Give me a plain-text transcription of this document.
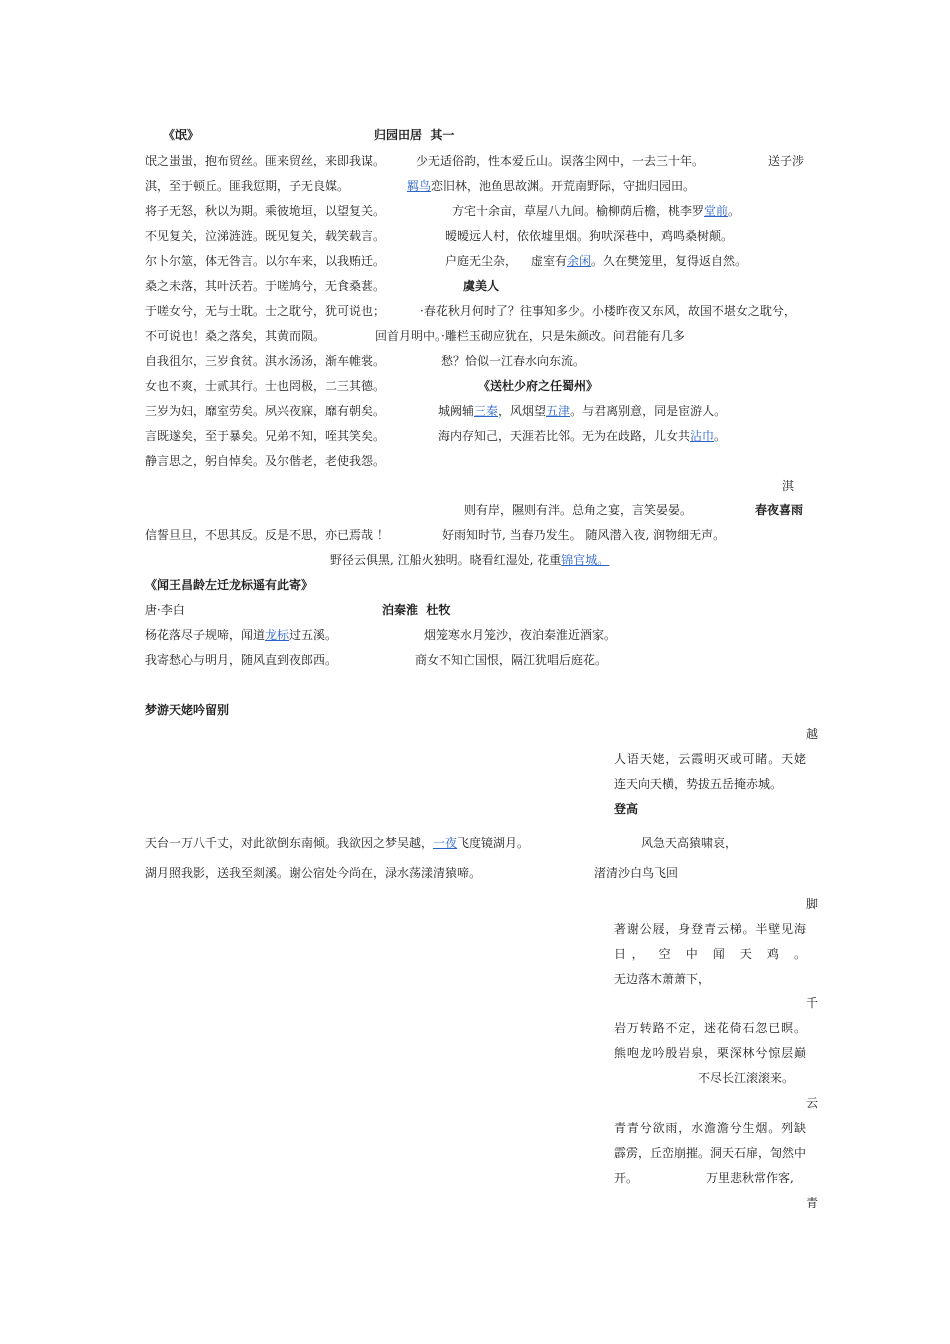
《氓》	归园田居  其一
氓之蚩蚩，抱布贸丝。匪来贸丝，来即我谋。
淇，至于顿丘。匪我愆期，子无良媒。
将子无怒，秋以为期。乘彼垝垣，以望复关。
不见复关，泣涕涟涟。既见复关，载笑载言。
尔卜尔筮，体无咎言。以尔车来，以我贿迁。
桑之未落，其叶沃若。于嗟鸠兮，无食桑葚。
于嗟女兮，无与士耽。士之耽兮，犹可说也；
不可说也！桑之落矣，其黄而陨。
自我徂尔，三岁食贫。淇水汤汤，渐车帷裳。
女也不爽，士贰其行。士也罔极，二三其德。
三岁为妇，靡室劳矣。夙兴夜寐，靡有朝矣。
言既遂矣，至于暴矣。兄弟不知，咥其笑矣。
静言思之，躬自悼矣。及尔偕老，老使我怨。
少无适俗韵，性本爱丘山。误落尘网中，一去三十年。	送子涉
羁鸟恋旧林，池鱼思故渊。开荒南野际，守拙归园田。
方宅十余亩，草屋八九间。榆柳荫后檐，桃李罗堂前。
暧暧远人村，依依墟里烟。狗吠深巷中，鸡鸣桑树颠。
户庭无尘杂， 虚室有余闲。久在樊笼里，复得返自然。
虞美人
·春花秋月何时了？往事知多少。小楼昨夜又东风，故国不堪女之耽兮，
回首月明中。·雕栏玉砌应犹在，只是朱颜改。问君能有几多
愁？恰似一江春水向东流。
《送杜少府之任蜀州》
城阙辅三秦，风烟望五津。与君离别意，同是宦游人。
海内存知己，天涯若比邻。无为在歧路，儿女共沾巾。
淇
则有岸，隰则有泮。总角之宴，言笑晏晏。	春夜喜雨
信誓旦旦，不思其反。反是不思，亦已焉哉 ！	好雨知时节, 当春乃发生。 随风潜入夜, 润物细无声。
野径云俱黑, 江船火独明。晓看红湿处, 花重锦官城。
《闻王昌龄左迁龙标遥有此寄》
唐·李白	泊秦淮  杜牧
杨花落尽子规啼，闻道龙标过五溪。	烟笼寒水月笼沙，夜泊秦淮近酒家。
我寄愁心与明月，随风直到夜郎西。	商女不知亡国恨，隔江犹唱后庭花。
梦游天姥吟留别
越
人语天姥，云霞明灭或可睹。天姥
连天向天横，势拔五岳掩赤城。
登高
天台一万八千丈，对此欲倒东南倾。我欲因之梦吴越，一夜飞度镜湖月。	风急天高猿啸哀，
湖月照我影，送我至剡溪。谢公宿处今尚在，渌水荡漾清猿啼。	渚清沙白鸟飞回
脚
著谢公屐，身登青云梯。半壁见海
日， 空 中 闻 天 鸡 。
无边落木萧萧下，
千
岩万转路不定，迷花倚石忽已暝。
熊咆龙吟殷岩泉，栗深林兮惊层巅
不尽长江滚滚来。
云
青青兮欲雨，水澹澹兮生烟。列缺
霹雳，丘峦崩摧。洞天石扉，訇然中
开。	万里悲秋常作客,
青
